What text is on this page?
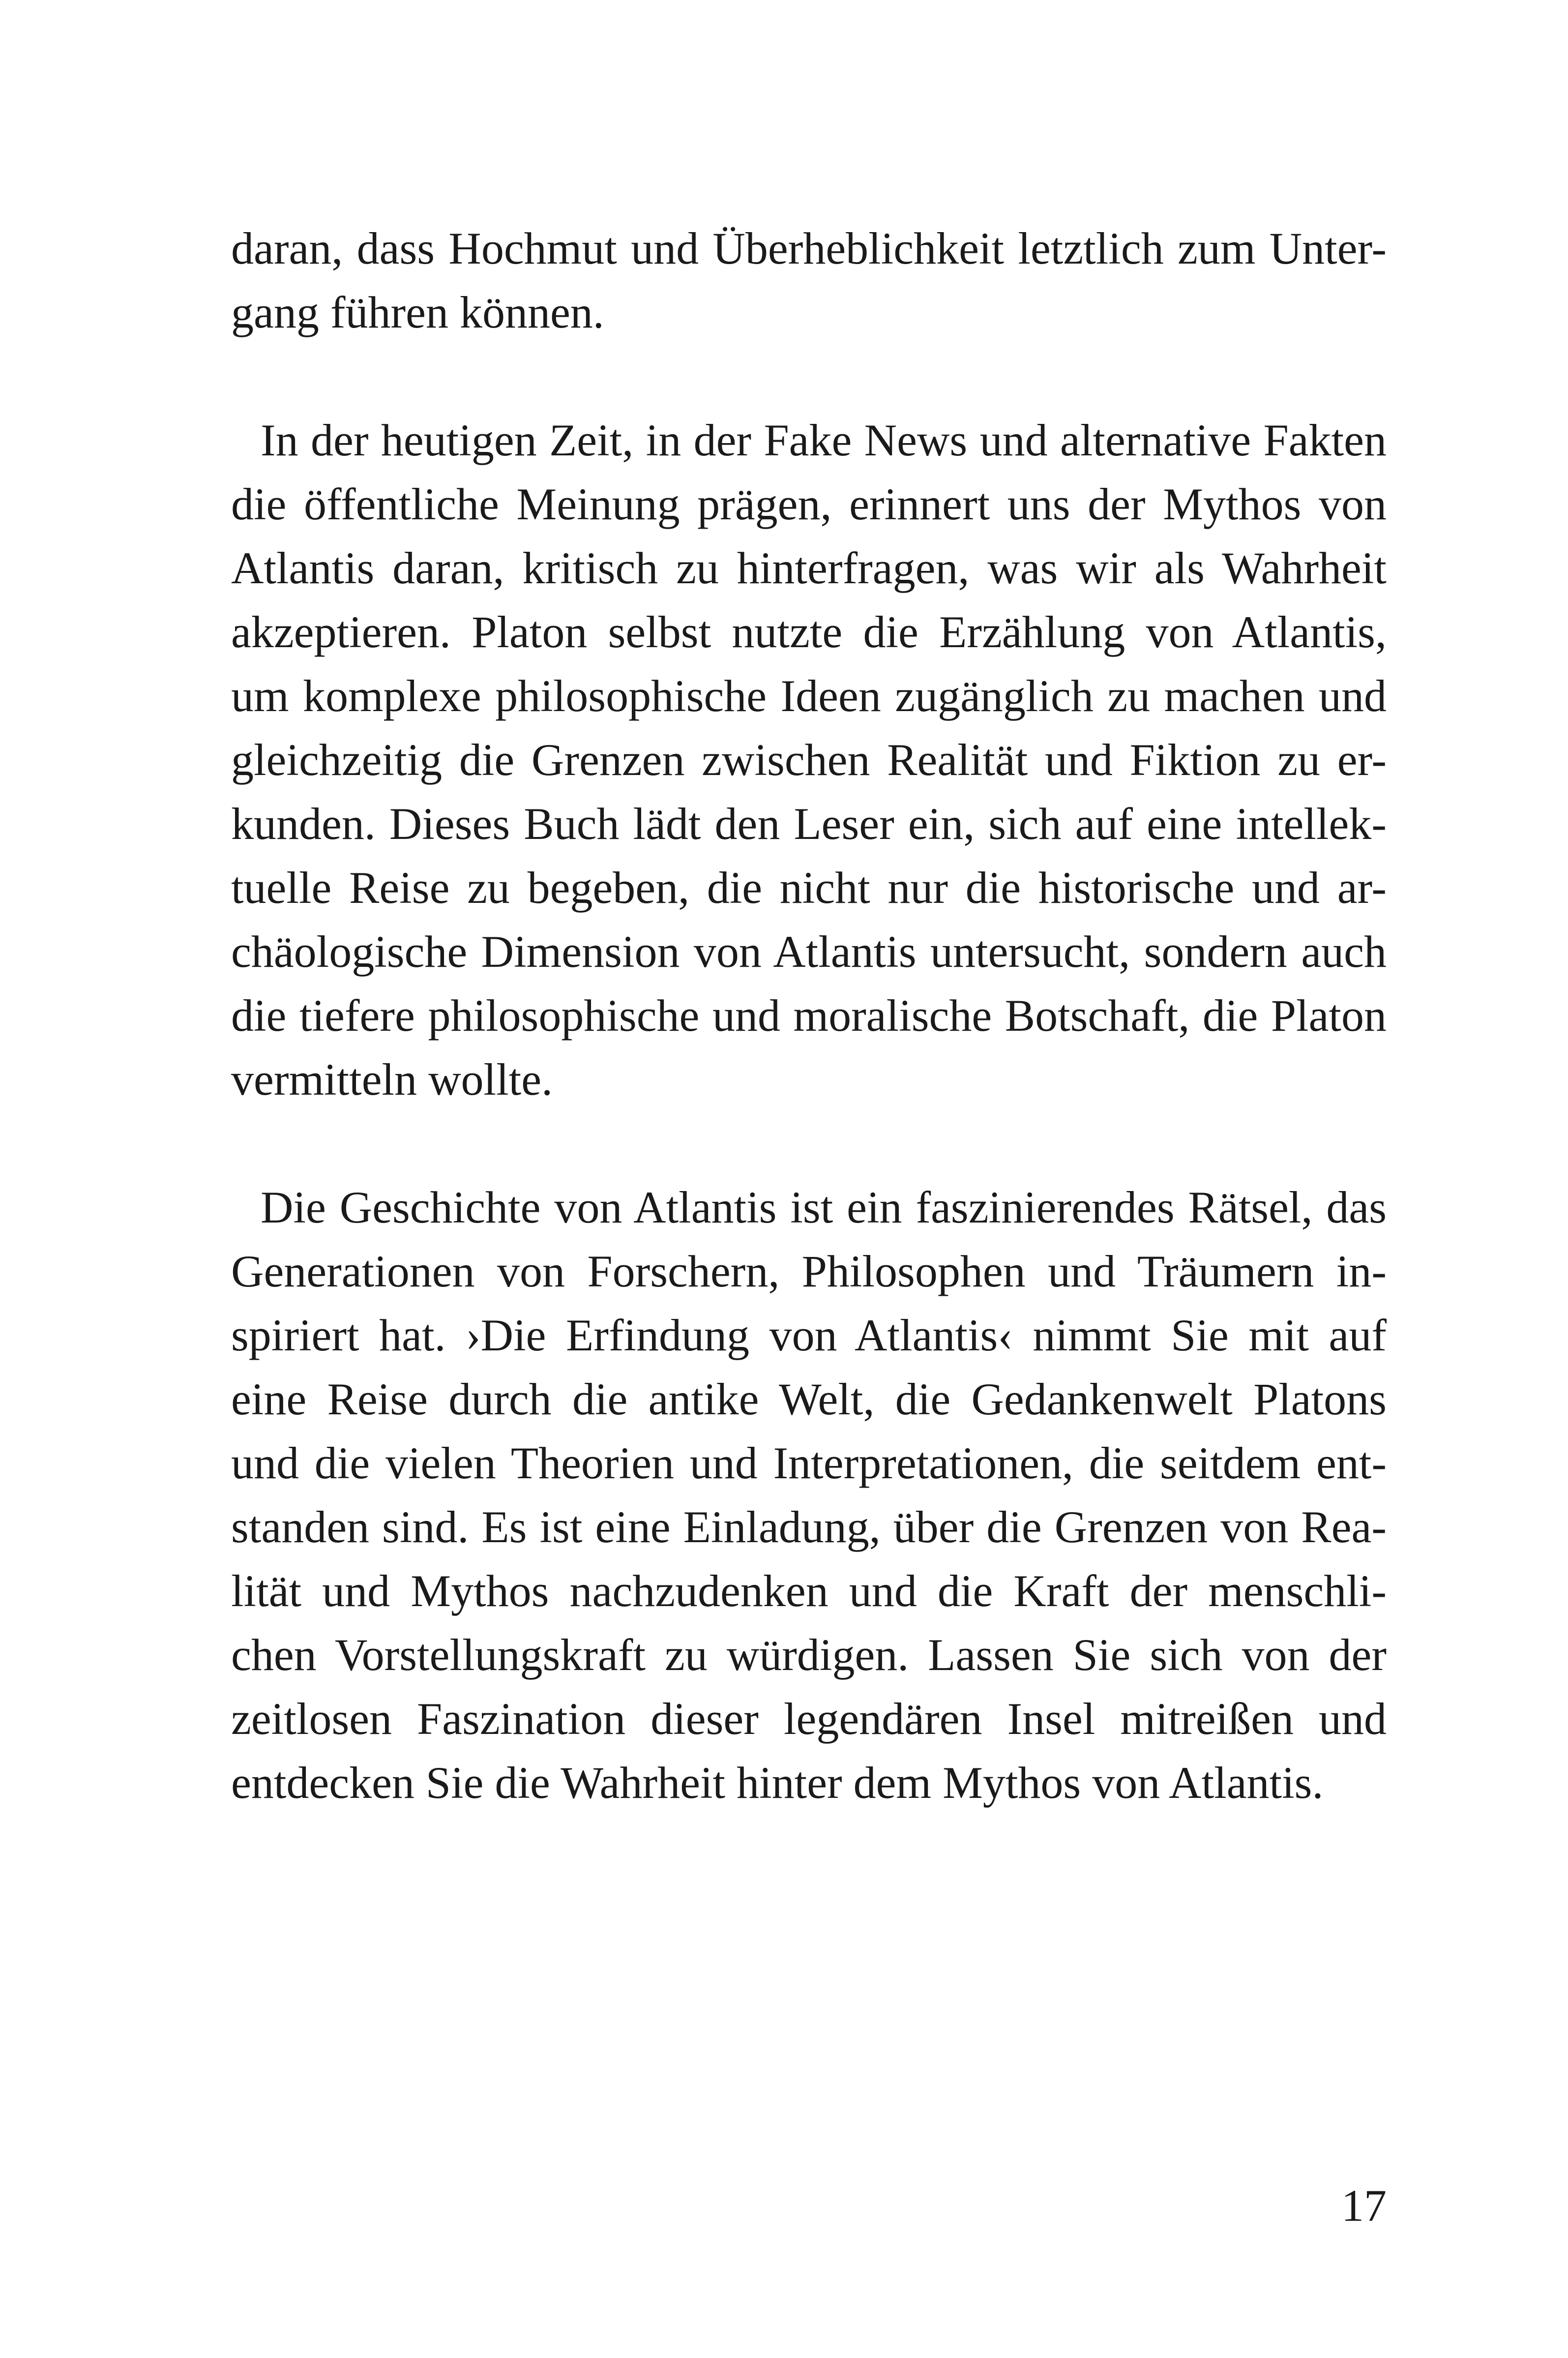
daran, dass Hochmut und Überheblichkeit letztlich zum Unter-
gang führen können.

In der heutigen Zeit, in der Fake News und alternative Fakten
die öffentliche Meinung prägen, erinnert uns der Mythos von
Atlantis daran, kritisch zu hinterfragen, was wir als Wahrheit
akzeptieren. Platon selbst nutzte die Erzählung von Atlantis,
um komplexe philosophische Ideen zugänglich zu machen und
gleichzeitig die Grenzen zwischen Realität und Fiktion zu er-
kunden. Dieses Buch lädt den Leser ein, sich auf eine intellek-
tuelle Reise zu begeben, die nicht nur die historische und ar-
chäologische Dimension von Atlantis untersucht, sondern auch
die tiefere philosophische und moralische Botschaft, die Platon
vermitteln wollte.

Die Geschichte von Atlantis ist ein faszinierendes Rätsel, das
Generationen von Forschern, Philosophen und Träumern in-
spiriert hat. ›Die Erfindung von Atlantis‹ nimmt Sie mit auf
eine Reise durch die antike Welt, die Gedankenwelt Platons
und die vielen Theorien und Interpretationen, die seitdem ent-
standen sind. Es ist eine Einladung, über die Grenzen von Rea-
lität und Mythos nachzudenken und die Kraft der menschli-
chen Vorstellungskraft zu würdigen. Lassen Sie sich von der
zeitlosen Faszination dieser legendären Insel mitreißen und
entdecken Sie die Wahrheit hinter dem Mythos von Atlantis.

17
